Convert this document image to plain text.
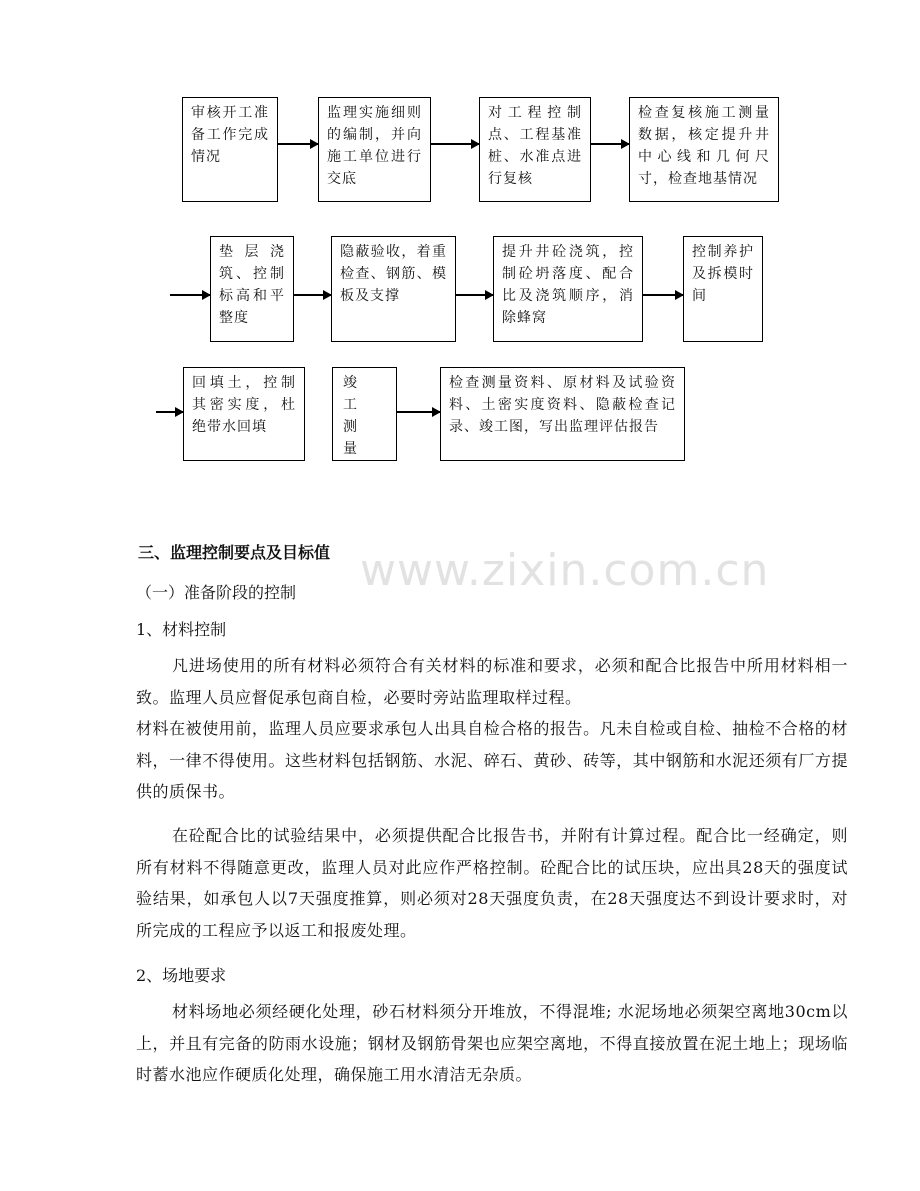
www.zixin.com.cn
审核开工准备工作完成情况
监理实施细则的编制，并向施工单位进行交底
对工程控制点、工程基准桩、水准点进行复核
检查复核施工测量数据，核定提升井中心线和几何尺寸，检查地基情况
垫层浇筑、控制标高和平整度
隐蔽验收，着重检查、钢筋、模板及支撑
提升井砼浇筑，控制砼坍落度、配合比及浇筑顺序，消除蜂窝
控制养护及拆模时间
回填土，控制其密实度，杜绝带水回填
竣 工 测 量
检查测量资料、原材料及试验资料、土密实度资料、隐蔽检查记录、竣工图，写出监理评估报告
三、监理控制要点及目标值
（一）准备阶段的控制
1、材料控制
凡进场使用的所有材料必须符合有关材料的标准和要求，必须和配合比报告中所用材料相一致。监理人员应督促承包商自检，必要时旁站监理取样过程。
材料在被使用前，监理人员应要求承包人出具自检合格的报告。凡未自检或自检、抽检不合格的材料，一律不得使用。这些材料包括钢筋、水泥、碎石、黄砂、砖等，其中钢筋和水泥还须有厂方提供的质保书。
在砼配合比的试验结果中，必须提供配合比报告书，并附有计算过程。配合比一经确定，则所有材料不得随意更改，监理人员对此应作严格控制。砼配合比的试压块，应出具28天的强度试验结果，如承包人以7天强度推算，则必须对28天强度负责，在28天强度达不到设计要求时，对所完成的工程应予以返工和报废处理。
2、场地要求
材料场地必须经硬化处理，砂石材料须分开堆放，不得混堆; 水泥场地必须架空离地30cm以上，并且有完备的防雨水设施；钢材及钢筋骨架也应架空离地，不得直接放置在泥土地上；现场临时蓄水池应作硬质化处理，确保施工用水清洁无杂质。
